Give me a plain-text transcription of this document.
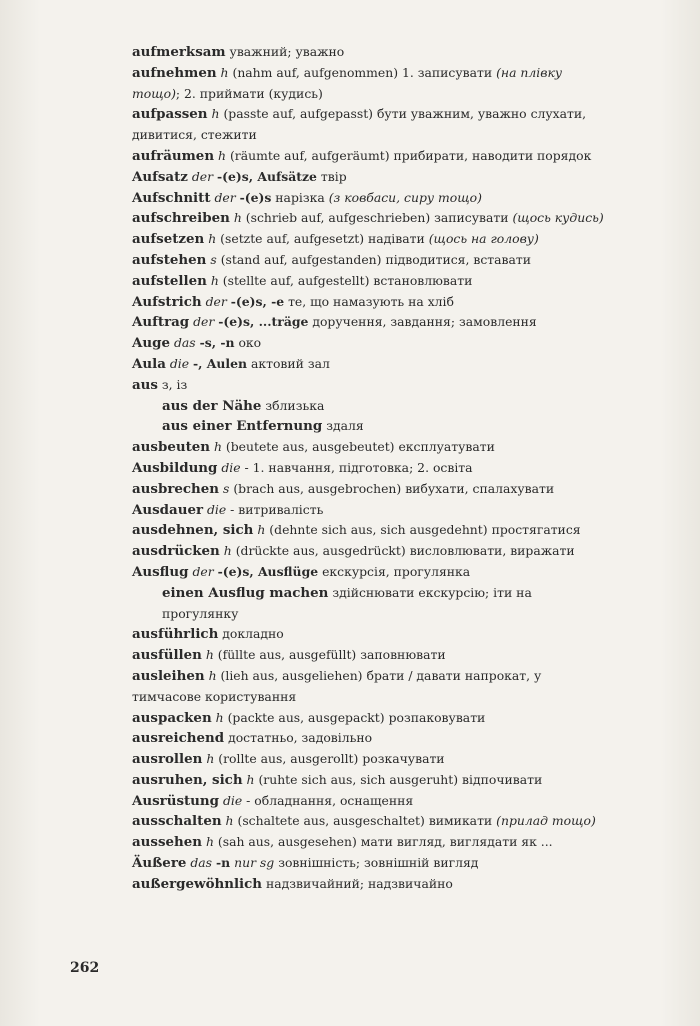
aufmerksam уважний; уважно

aufnehmen h (nahm auf, aufgenommen) 1. записувати (на плівку тощо); 2. приймати (кудись)

aufpassen h (passte auf, aufgepasst) бути уважним, уважно слухати, дивитися, стежити

aufräumen h (räumte auf, aufgeräumt) прибирати, наводити порядок

Aufsatz der -(e)s, Aufsätze твір

Aufschnitt der -(e)s нарізка (з ковбаси, сиру тощо)

aufschreiben h (schrieb auf, aufgeschrieben) записувати (щось кудись)

aufsetzen h (setzte auf, aufgesetzt) надівати (щось на голову)

aufstehen s (stand auf, aufgestanden) підводитися, вставати

aufstellen h (stellte auf, aufgestellt) встановлювати

Aufstrich der -(e)s, -e те, що намазують на хліб

Auftrag der -(e)s, ...träge доручення, завдання; замовлення

Auge das -s, -n око

Aula die -, Aulen актовий зал

aus з, із

aus der Nähe зблизька

aus einer Entfernung здаля

ausbeuten h (beutete aus, ausgebeutet) експлуатувати

Ausbildung die - 1. навчання, підготовка; 2. освіта

ausbrechen s (brach aus, ausgebrochen) вибухати, спалахувати

Ausdauer die - витривалість

ausdehnen, sich h (dehnte sich aus, sich ausgedehnt) простягатися

ausdrücken h (drückte aus, ausgedrückt) висловлювати, виражати

Ausflug der -(e)s, Ausflüge екскурсія, прогулянка

einen Ausflug machen здійснювати екскурсію; іти на прогулянку

ausführlich докладно

ausfüllen h (füllte aus, ausgefüllt) заповнювати

ausleihen h (lieh aus, ausgeliehen) брати / давати напрокат, у тимчасове користування

auspacken h (packte aus, ausgepackt) розпаковувати

ausreichend достатньо, задовільно

ausrollen h (rollte aus, ausgerollt) розкачувати

ausruhen, sich h (ruhte sich aus, sich ausgeruht) відпочивати

Ausrüstung die - обладнання, оснащення

ausschalten h (schaltete aus, ausgeschaltet) вимикати (прилад тощо)

aussehen h (sah aus, ausgesehen) мати вигляд, виглядати як ...

Äußere das -n nur sg зовнішність; зовнішній вигляд

außergewöhnlich надзвичайний; надзвичайно

262
